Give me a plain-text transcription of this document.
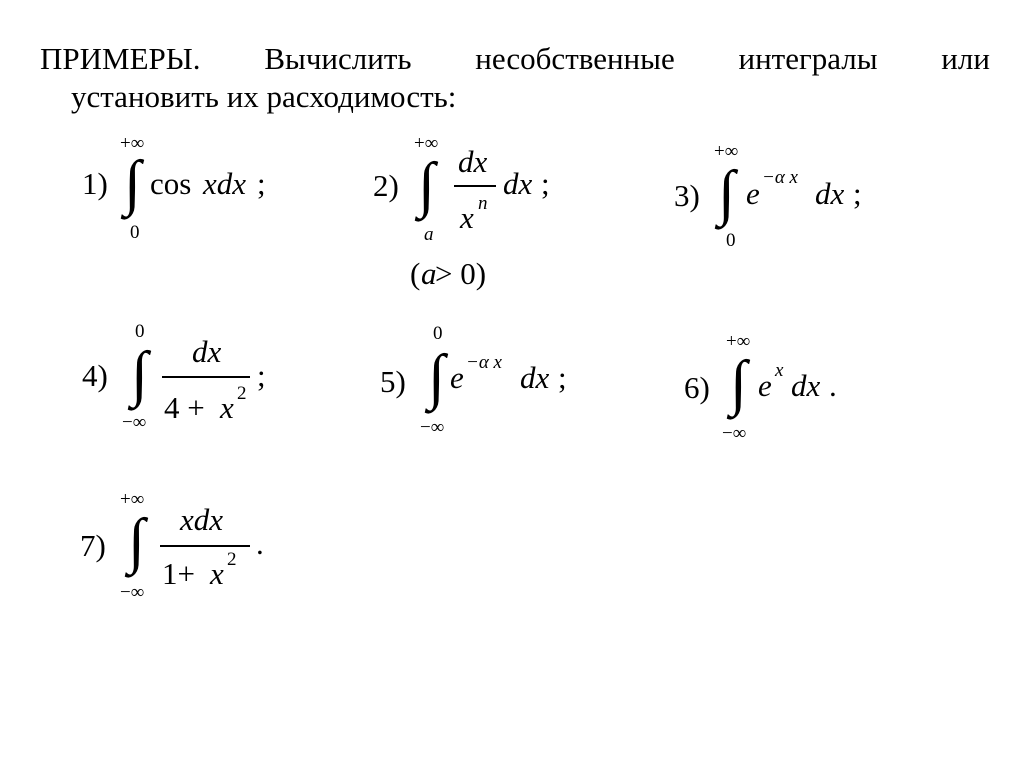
ПРИМЕРЫ. Вычислить несобственные интегралы или
установить их расходимость:
1)
+∞
∫
0
cos xdx ;	2)
+∞
∫
a
dx
x n
dx ;
( a
> 0)
3)
+∞
∫
0
e −α x dx ;
4)
0
∫
−∞
dx
4 + x 2
;	5)
0
∫
−∞
e −α x dx ;	6)
+∞
∫
−∞
e x dx .
7)
+∞
∫
−∞
xdx
1+ x 2 .
